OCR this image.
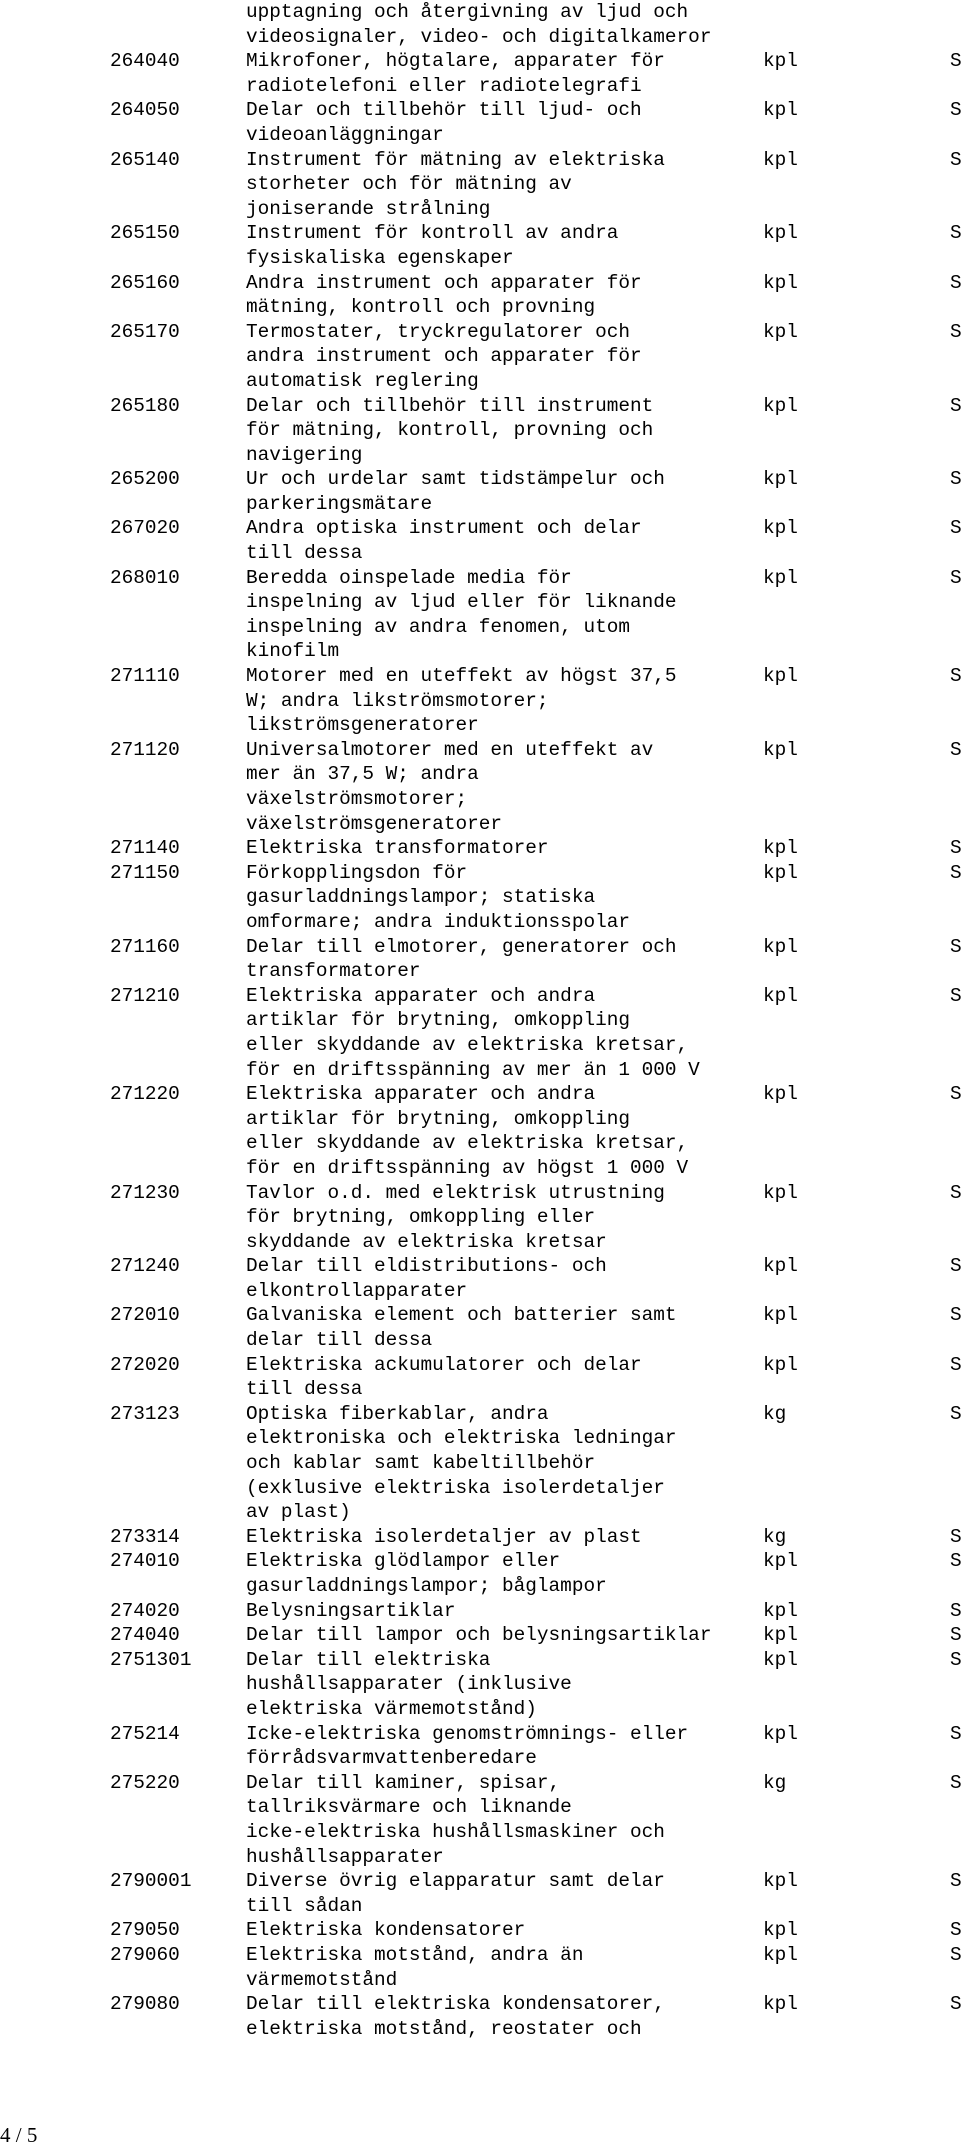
upptagning och återgivning av ljud och
videosignaler, video- och digitalkameror
264040	Mikrofoner, högtalare, apparater för
radiotelefoni eller radiotelegrafi
kpl	S
264050	Delar och tillbehör till ljud- och
videoanläggningar
kpl	S
265140	Instrument för mätning av elektriska
storheter och för mätning av
joniserande strålning
kpl	S
265150	Instrument för kontroll av andra
fysiskaliska egenskaper
kpl	S
265160	Andra instrument och apparater för
mätning, kontroll och provning
kpl	S
265170	Termostater, tryckregulatorer och
andra instrument och apparater för
automatisk reglering
kpl	S
265180	Delar och tillbehör till instrument
för mätning, kontroll, provning och
navigering
kpl	S
265200	Ur och urdelar samt tidstämpelur och
parkeringsmätare
kpl	S
267020	Andra optiska instrument och delar
till dessa
kpl	S
268010	Beredda oinspelade media för
inspelning av ljud eller för liknande
inspelning av andra fenomen, utom
kinofilm
kpl	S
271110	Motorer med en uteffekt av högst 37,5
W; andra likströmsmotorer;
likströmsgeneratorer
kpl	S
271120	Universalmotorer med en uteffekt av
mer än 37,5 W; andra
växelströmsmotorer;
växelströmsgeneratorer
kpl	S
271140	Elektriska transformatorer	kpl	S
271150	Förkopplingsdon för
gasurladdningslampor; statiska
omformare; andra induktionsspolar
kpl	S
271160	Delar till elmotorer, generatorer och
transformatorer
kpl	S
271210	Elektriska apparater och andra
artiklar för brytning, omkoppling
eller skyddande av elektriska kretsar,
för en driftsspänning av mer än 1 000 V
kpl	S
271220	Elektriska apparater och andra
artiklar för brytning, omkoppling
eller skyddande av elektriska kretsar,
för en driftsspänning av högst 1 000 V
kpl	S
271230	Tavlor o.d. med elektrisk utrustning
för brytning, omkoppling eller
skyddande av elektriska kretsar
kpl	S
271240	Delar till eldistributions- och
elkontrollapparater
kpl	S
272010	Galvaniska element och batterier samt
delar till dessa
kpl	S
272020	Elektriska ackumulatorer och delar
till dessa
kpl	S
273123	Optiska fiberkablar, andra
elektroniska och elektriska ledningar
och kablar samt kabeltillbehör
(exklusive elektriska isolerdetaljer
av plast)
kg	S
273314	Elektriska isolerdetaljer av plast	kg	S
274010	Elektriska glödlampor eller
gasurladdningslampor; båglampor
kpl	S
274020	Belysningsartiklar	kpl	S
274040	Delar till lampor och belysningsartiklar	kpl	S
2751301	Delar till elektriska
hushållsapparater (inklusive
elektriska värmemotstånd)
kpl	S
275214	Icke-elektriska genomströmnings- eller
förrådsvarmvattenberedare
kpl	S
275220	Delar till kaminer, spisar,
tallriksvärmare och liknande
icke-elektriska hushållsmaskiner och
hushållsapparater
kg	S
2790001	Diverse övrig elapparatur samt delar
till sådan
kpl	S
279050	Elektriska kondensatorer	kpl	S
279060	Elektriska motstånd, andra än
värmemotstånd
kpl	S
279080	Delar till elektriska kondensatorer,
elektriska motstånd, reostater och
kpl	S
4 / 5
